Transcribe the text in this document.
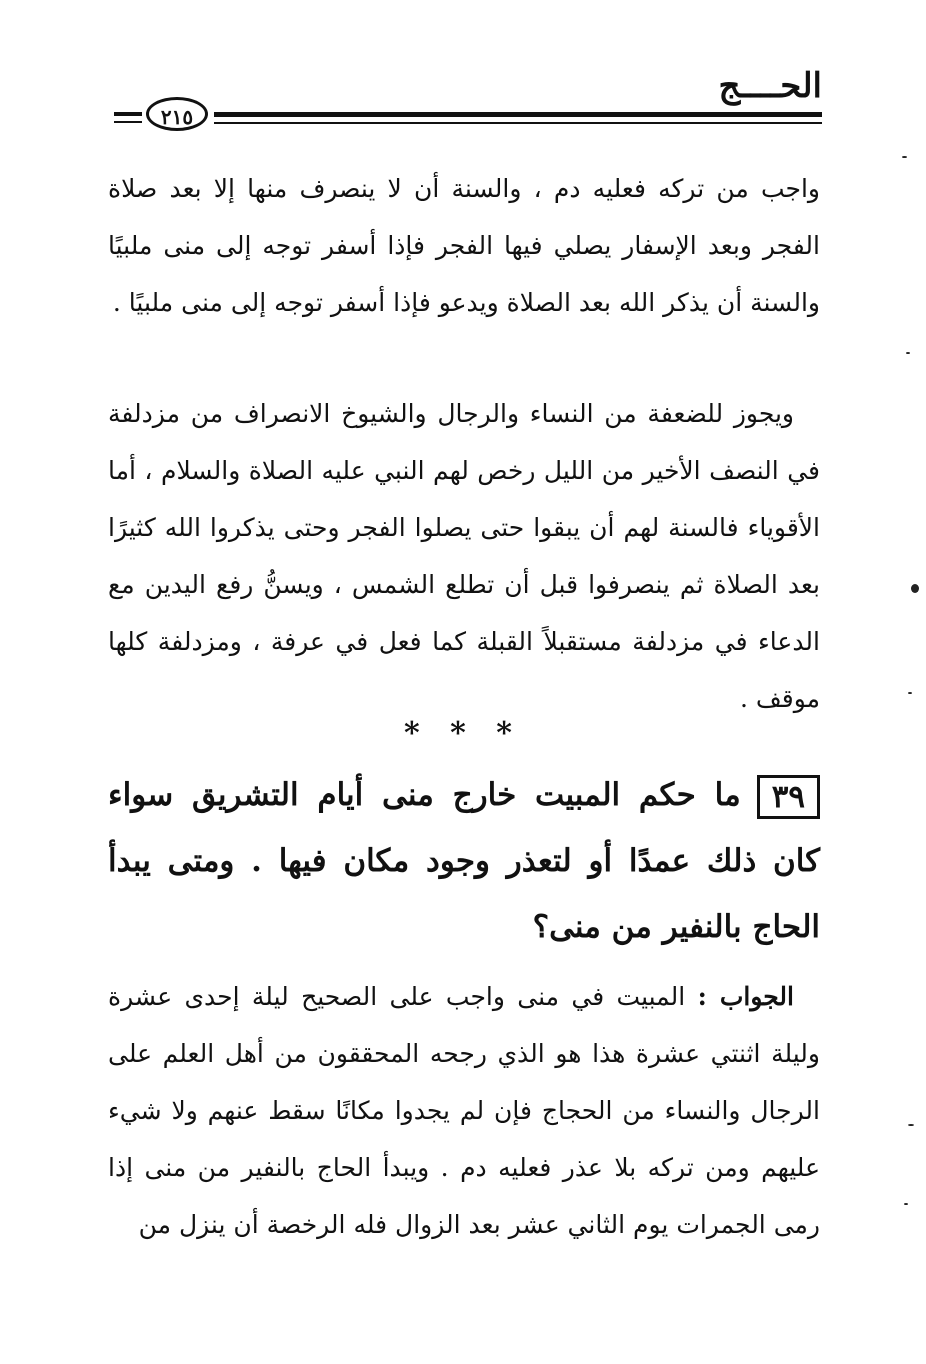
الحــــج
٢١٥

واجب من تركه فعليه دم ، والسنة أن لا ينصرف منها إلا بعد صلاة الفجر وبعد الإسفار يصلي فيها الفجر فإذا أسفر توجه إلى منى ملبيًا والسنة أن يذكر الله بعد الصلاة ويدعو فإذا أسفر توجه إلى منى ملبيًا .

ويجوز للضعفة من النساء والرجال والشيوخ الانصراف من مزدلفة في النصف الأخير من الليل رخص لهم النبي عليه الصلاة والسلام ، أما الأقوياء فالسنة لهم أن يبقوا حتى يصلوا الفجر وحتى يذكروا الله كثيرًا بعد الصلاة ثم ينصرفوا قبل أن تطلع الشمس ، ويسنُّ رفع اليدين مع الدعاء في مزدلفة مستقبلاً القبلة كما فعل في عرفة ، ومزدلفة كلها موقف .

* * *
٣٩ما حكم المبيت خارج منى أيام التشريق سواء كان ذلك عمدًا أو لتعذر وجود مكان فيها . ومتى يبدأ الحاج بالنفير من منى؟

الجواب : المبيت في منى واجب على الصحيح ليلة إحدى عشرة وليلة اثنتي عشرة هذا هو الذي رجحه المحققون من أهل العلم على الرجال والنساء من الحجاج فإن لم يجدوا مكانًا سقط عنهم ولا شيء عليهم ومن تركه بلا عذر فعليه دم . ويبدأ الحاج بالنفير من منى إذا رمى الجمرات يوم الثاني عشر بعد الزوال فله الرخصة أن ينزل من
